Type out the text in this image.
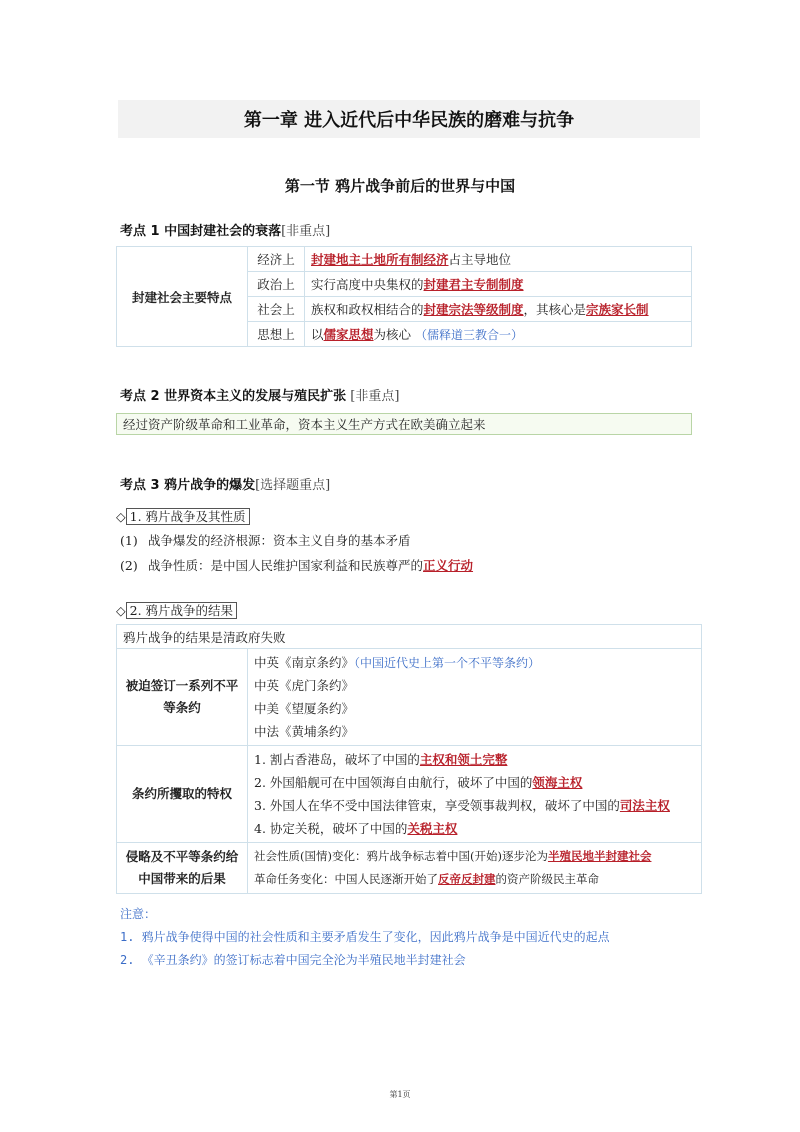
第一章 进入近代后中华民族的磨难与抗争
第一节 鸦片战争前后的世界与中国
考点 1 中国封建社会的衰落[非重点]
封建社会主要特点	经济上	封建地主土地所有制经济占主导地位
	政治上	实行高度中央集权的封建君主专制制度
	社会上	族权和政权相结合的封建宗法等级制度，其核心是宗族家长制
	思想上	以儒家思想为核心 （儒释道三教合一）
考点 2 世界资本主义的发展与殖民扩张 [非重点]
经过资产阶级革命和工业革命，资本主义生产方式在欧美确立起来
考点 3 鸦片战争的爆发[选择题重点]
◇ 1. 鸦片战争及其性质
(1) 战争爆发的经济根源：资本主义自身的基本矛盾
(2) 战争性质：是中国人民维护国家利益和民族尊严的正义行动
◇ 2. 鸦片战争的结果
鸦片战争的结果是清政府失败	
被迫签订一系列不平等条约	中英《南京条约》（中国近代史上第一个不平等条约）
中英《虎门条约》
中美《望厦条约》
中法《黄埔条约》

条约所攫取的特权	1. 割占香港岛，破坏了中国的主权和领土完整
2. 外国船舰可在中国领海自由航行，破坏了中国的领海主权
3. 外国人在华不受中国法律管束，享受领事裁判权，破坏了中国的司法主权
4. 协定关税，破坏了中国的关税主权

侵略及不平等条约给中国带来的后果	社会性质(国情)变化：鸦片战争标志着中国(开始)逐步沦为半殖民地半封建社会
革命任务变化：中国人民逐渐开始了反帝反封建的资产阶级民主革命
注意：
1. 鸦片战争使得中国的社会性质和主要矛盾发生了变化，因此鸦片战争是中国近代史的起点
2. 《辛丑条约》的签订标志着中国完全沦为半殖民地半封建社会
第1页
